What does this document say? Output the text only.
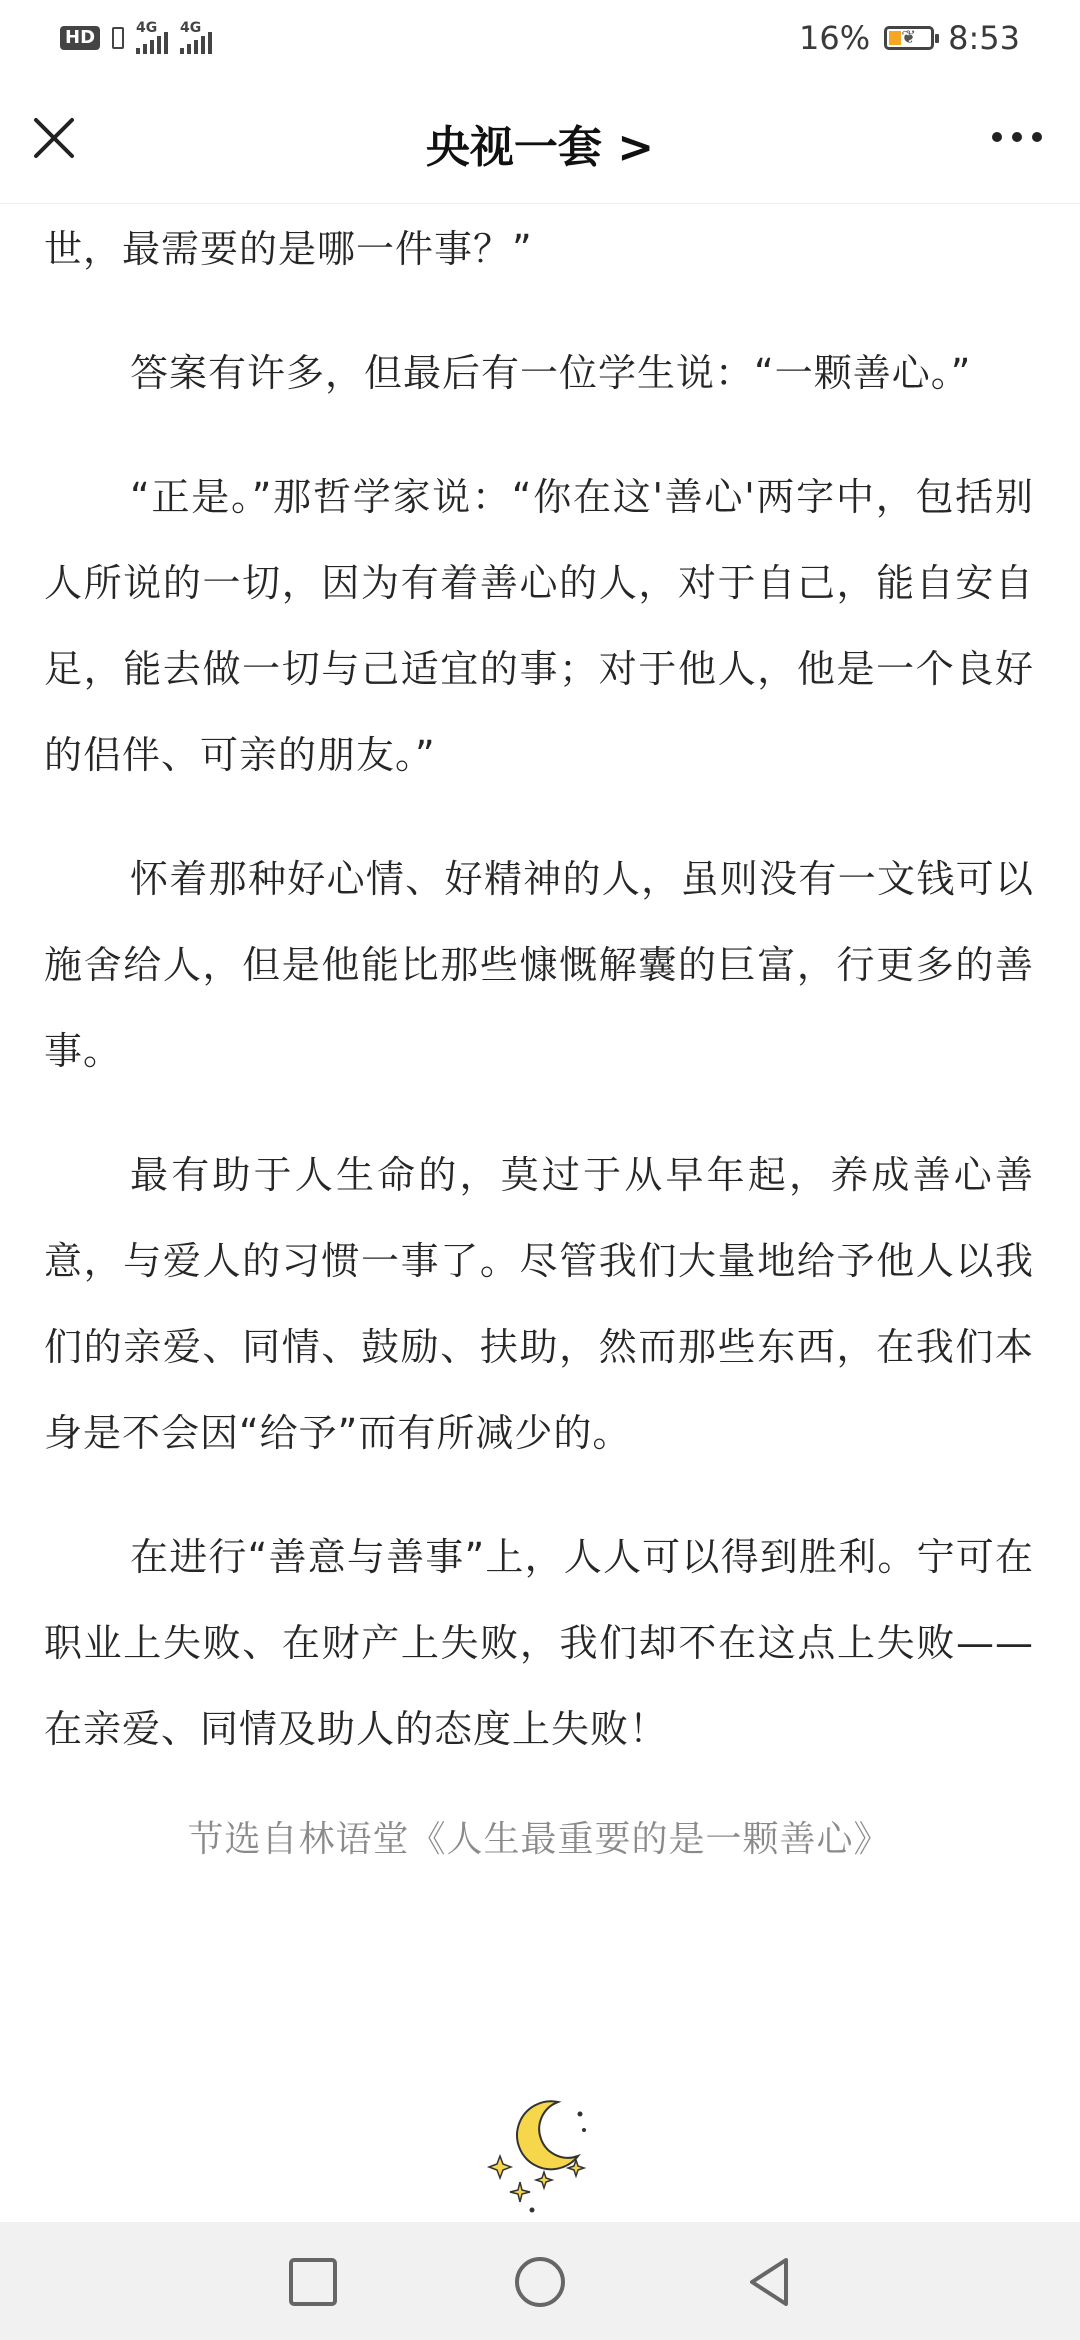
HD	4G 4G	16% ❦ 8:53
央视一套 >

世，最需要的是哪一件事？”

答案有许多，但最后有一位学生说：“一颗善心。”

“正是。”那哲学家说：“你在这'善心'两字中，包括别人所说的一切，因为有着善心的人，对于自己，能自安自足，能去做一切与己适宜的事；对于他人，他是一个良好的侣伴、可亲的朋友。”

怀着那种好心情、好精神的人，虽则没有一文钱可以施舍给人，但是他能比那些慷慨解囊的巨富，行更多的善事。

最有助于人生命的，莫过于从早年起，养成善心善意，与爱人的习惯一事了。尽管我们大量地给予他人以我们的亲爱、同情、鼓励、扶助，然而那些东西，在我们本身是不会因“给予”而有所减少的。

在进行“善意与善事”上，人人可以得到胜利。宁可在职业上失败、在财产上失败，我们却不在这点上失败——在亲爱、同情及助人的态度上失败！

节选自林语堂《人生最重要的是一颗善心》
